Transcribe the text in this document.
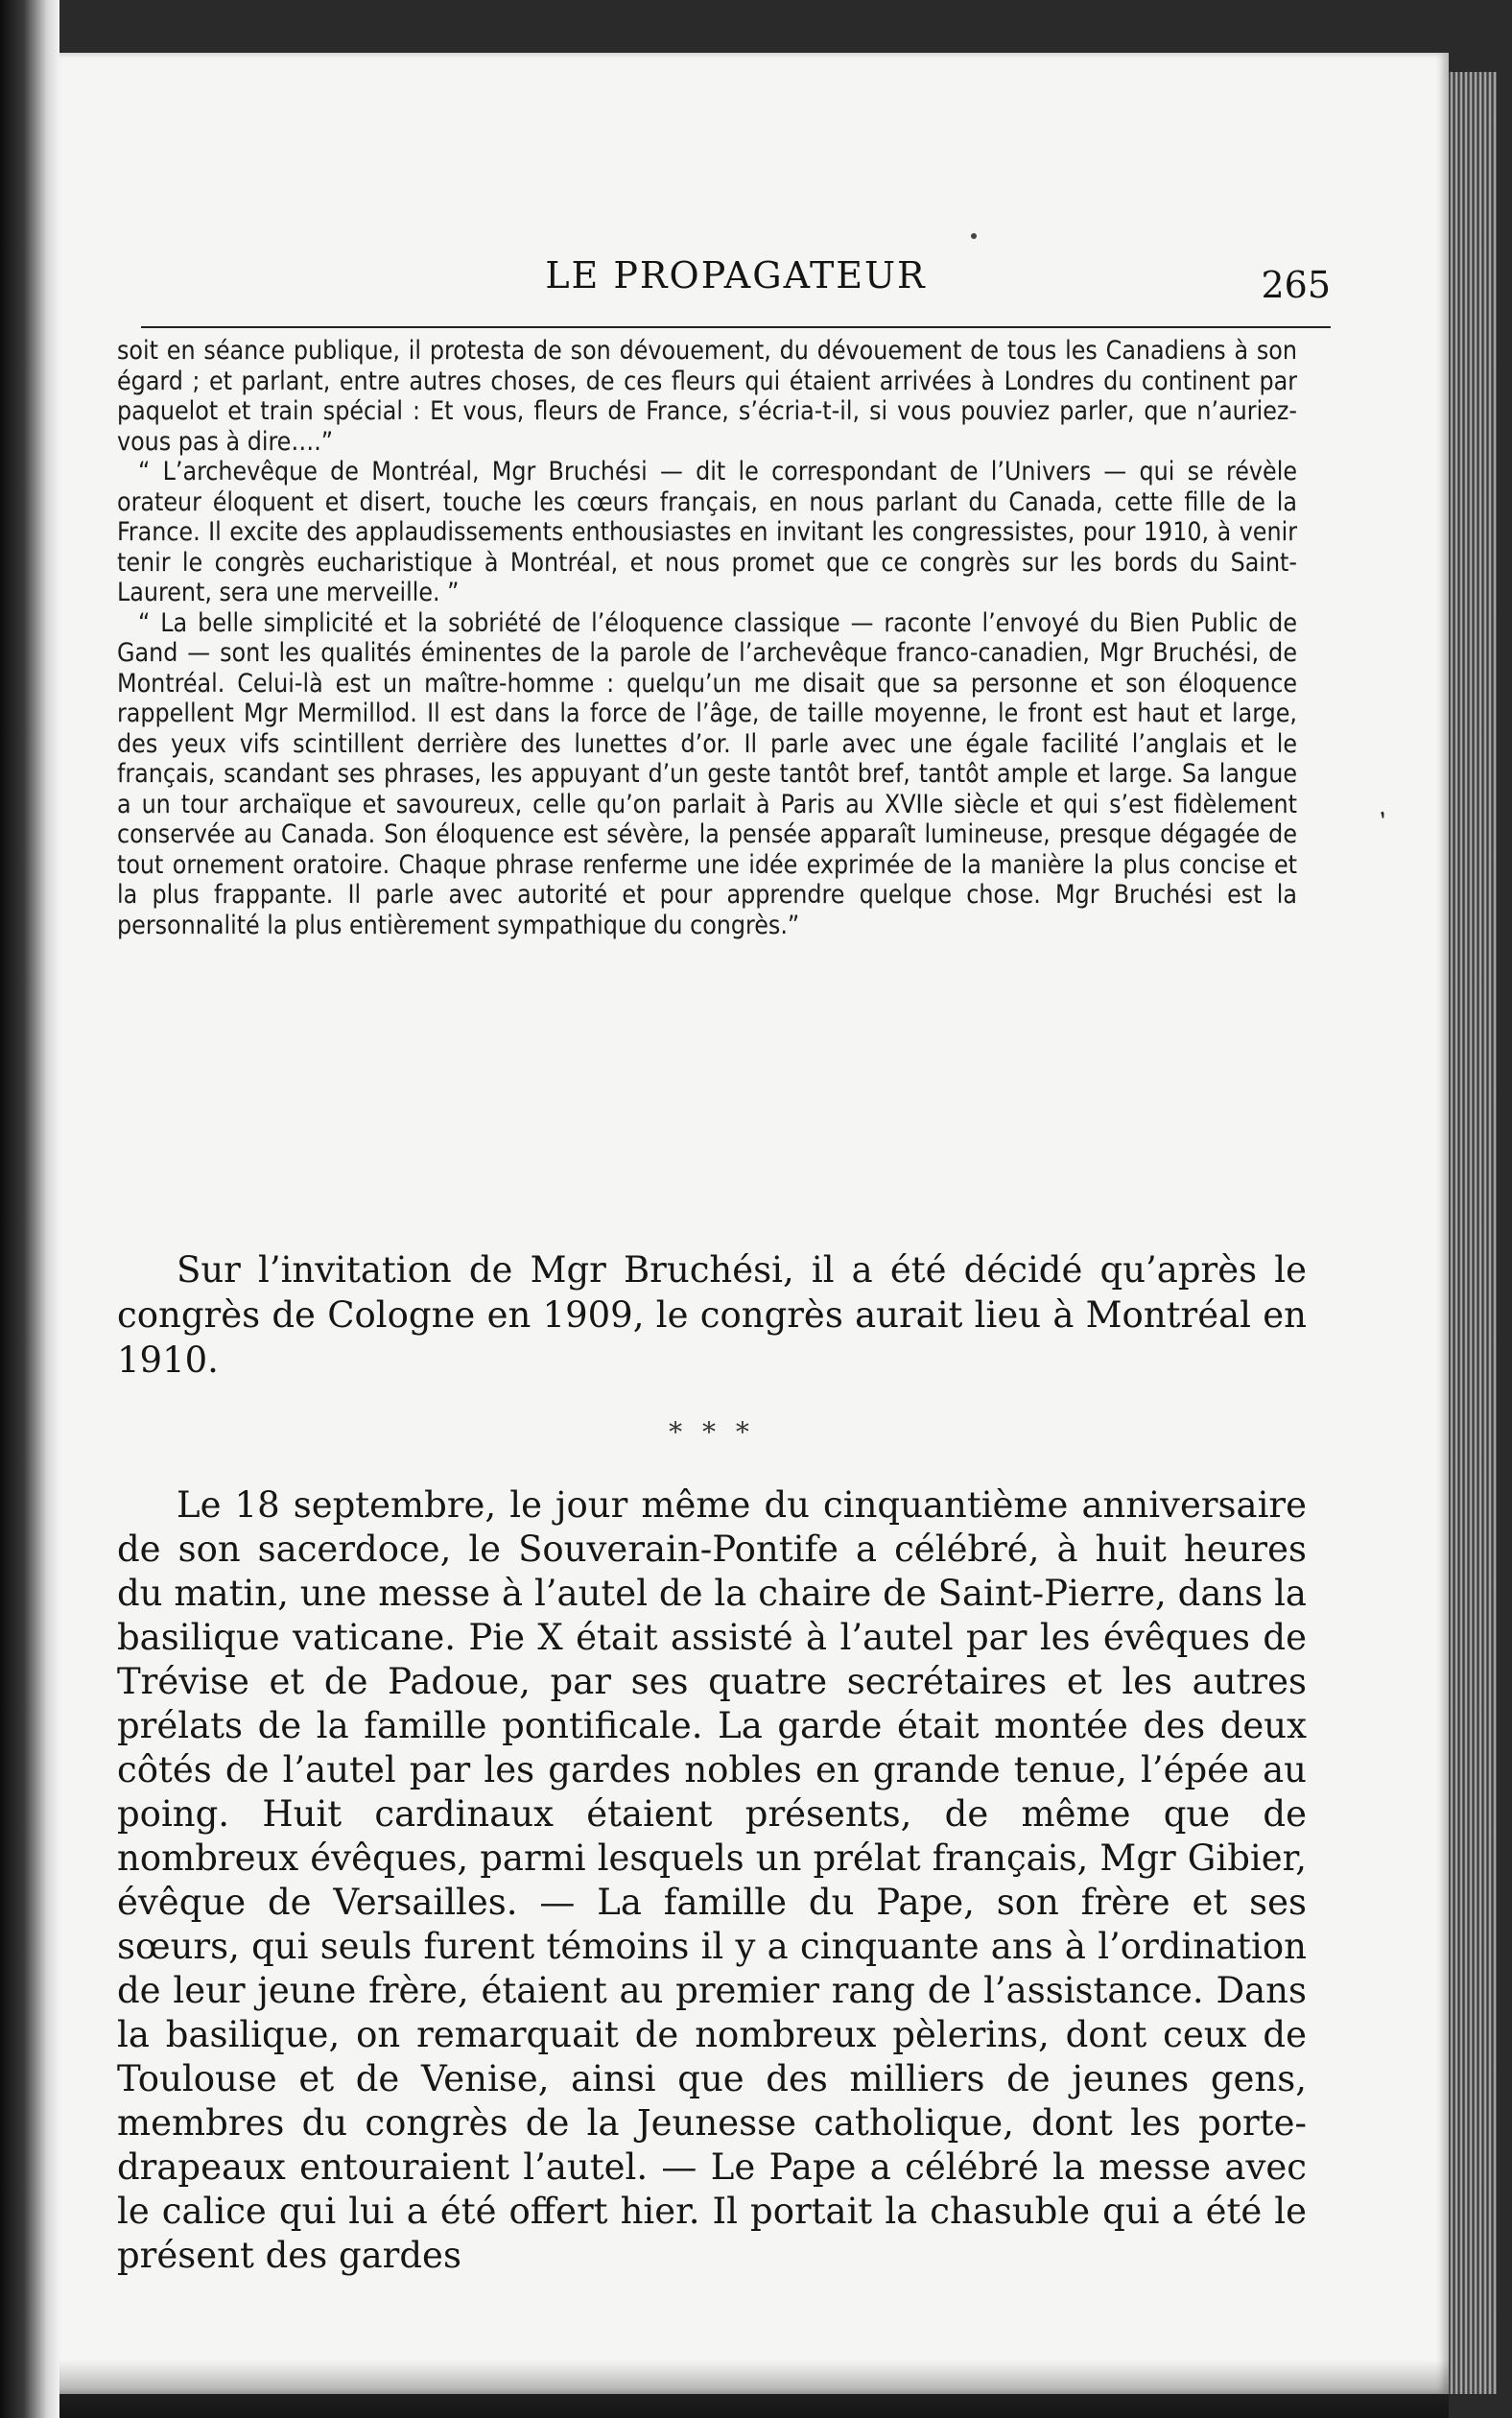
LE PROPAGATEUR	265

soit en séance publique, il protesta de son dévouement, du dévouement de tous les Canadiens à son égard ; et parlant, entre autres choses, de ces fleurs qui étaient arrivées à Londres du continent par paquelot et train spécial : Et vous, fleurs de France, s’écria-t-il, si vous pouviez parler, que n’auriez-vous pas à dire….”

“ L’archevêque de Montréal, Mgr Bruchési — dit le correspondant de l’Univers — qui se révèle orateur éloquent et disert, touche les cœurs français, en nous parlant du Canada, cette fille de la France. Il excite des applaudissements enthousiastes en invitant les congressistes, pour 1910, à venir tenir le congrès eucharistique à Montréal, et nous promet que ce congrès sur les bords du Saint-Laurent, sera une merveille. ”

“ La belle simplicité et la sobriété de l’éloquence classique — raconte l’envoyé du Bien Public de Gand — sont les qualités éminentes de la parole de l’archevêque franco-canadien, Mgr Bruchési, de Montréal. Celui-là est un maître-homme : quelqu’un me disait que sa personne et son éloquence rappellent Mgr Mermillod. Il est dans la force de l’âge, de taille moyenne, le front est haut et large, des yeux vifs scintillent derrière des lunettes d’or. Il parle avec une égale facilité l’anglais et le français, scandant ses phrases, les appuyant d’un geste tantôt bref, tantôt ample et large. Sa langue a un tour archaïque et savoureux, celle qu’on parlait à Paris au XVIIe siècle et qui s’est fidèlement conservée au Canada. Son éloquence est sévère, la pensée apparaît lumineuse, presque dégagée de tout ornement oratoire. Chaque phrase renferme une idée exprimée de la manière la plus concise et la plus frappante. Il parle avec autorité et pour apprendre quelque chose. Mgr Bruchési est la personnalité la plus entièrement sympathique du congrès.”

,

Sur l’invitation de Mgr Bruchési, il a été décidé qu’après le congrès de Cologne en 1909, le congrès aurait lieu à Montréal en 1910.

* * *

Le 18 septembre, le jour même du cinquantième anniversaire de son sacerdoce, le Souverain-Pontife a célébré, à huit heures du matin, une messe à l’autel de la chaire de Saint-Pierre, dans la basilique vaticane. Pie X était assisté à l’autel par les évêques de Trévise et de Padoue, par ses quatre secrétaires et les autres prélats de la famille pontificale. La garde était montée des deux côtés de l’autel par les gardes nobles en grande tenue, l’épée au poing. Huit cardinaux étaient présents, de même que de nombreux évêques, parmi lesquels un prélat français, Mgr Gibier, évêque de Versailles. — La famille du Pape, son frère et ses sœurs, qui seuls furent témoins il y a cinquante ans à l’ordination de leur jeune frère, étaient au premier rang de l’assistance. Dans la basilique, on remarquait de nombreux pèlerins, dont ceux de Toulouse et de Venise, ainsi que des milliers de jeunes gens, membres du congrès de la Jeunesse catholique, dont les porte-drapeaux entouraient l’autel. — Le Pape a célébré la messe avec le calice qui lui a été offert hier. Il portait la chasuble qui a été le présent des gardes
